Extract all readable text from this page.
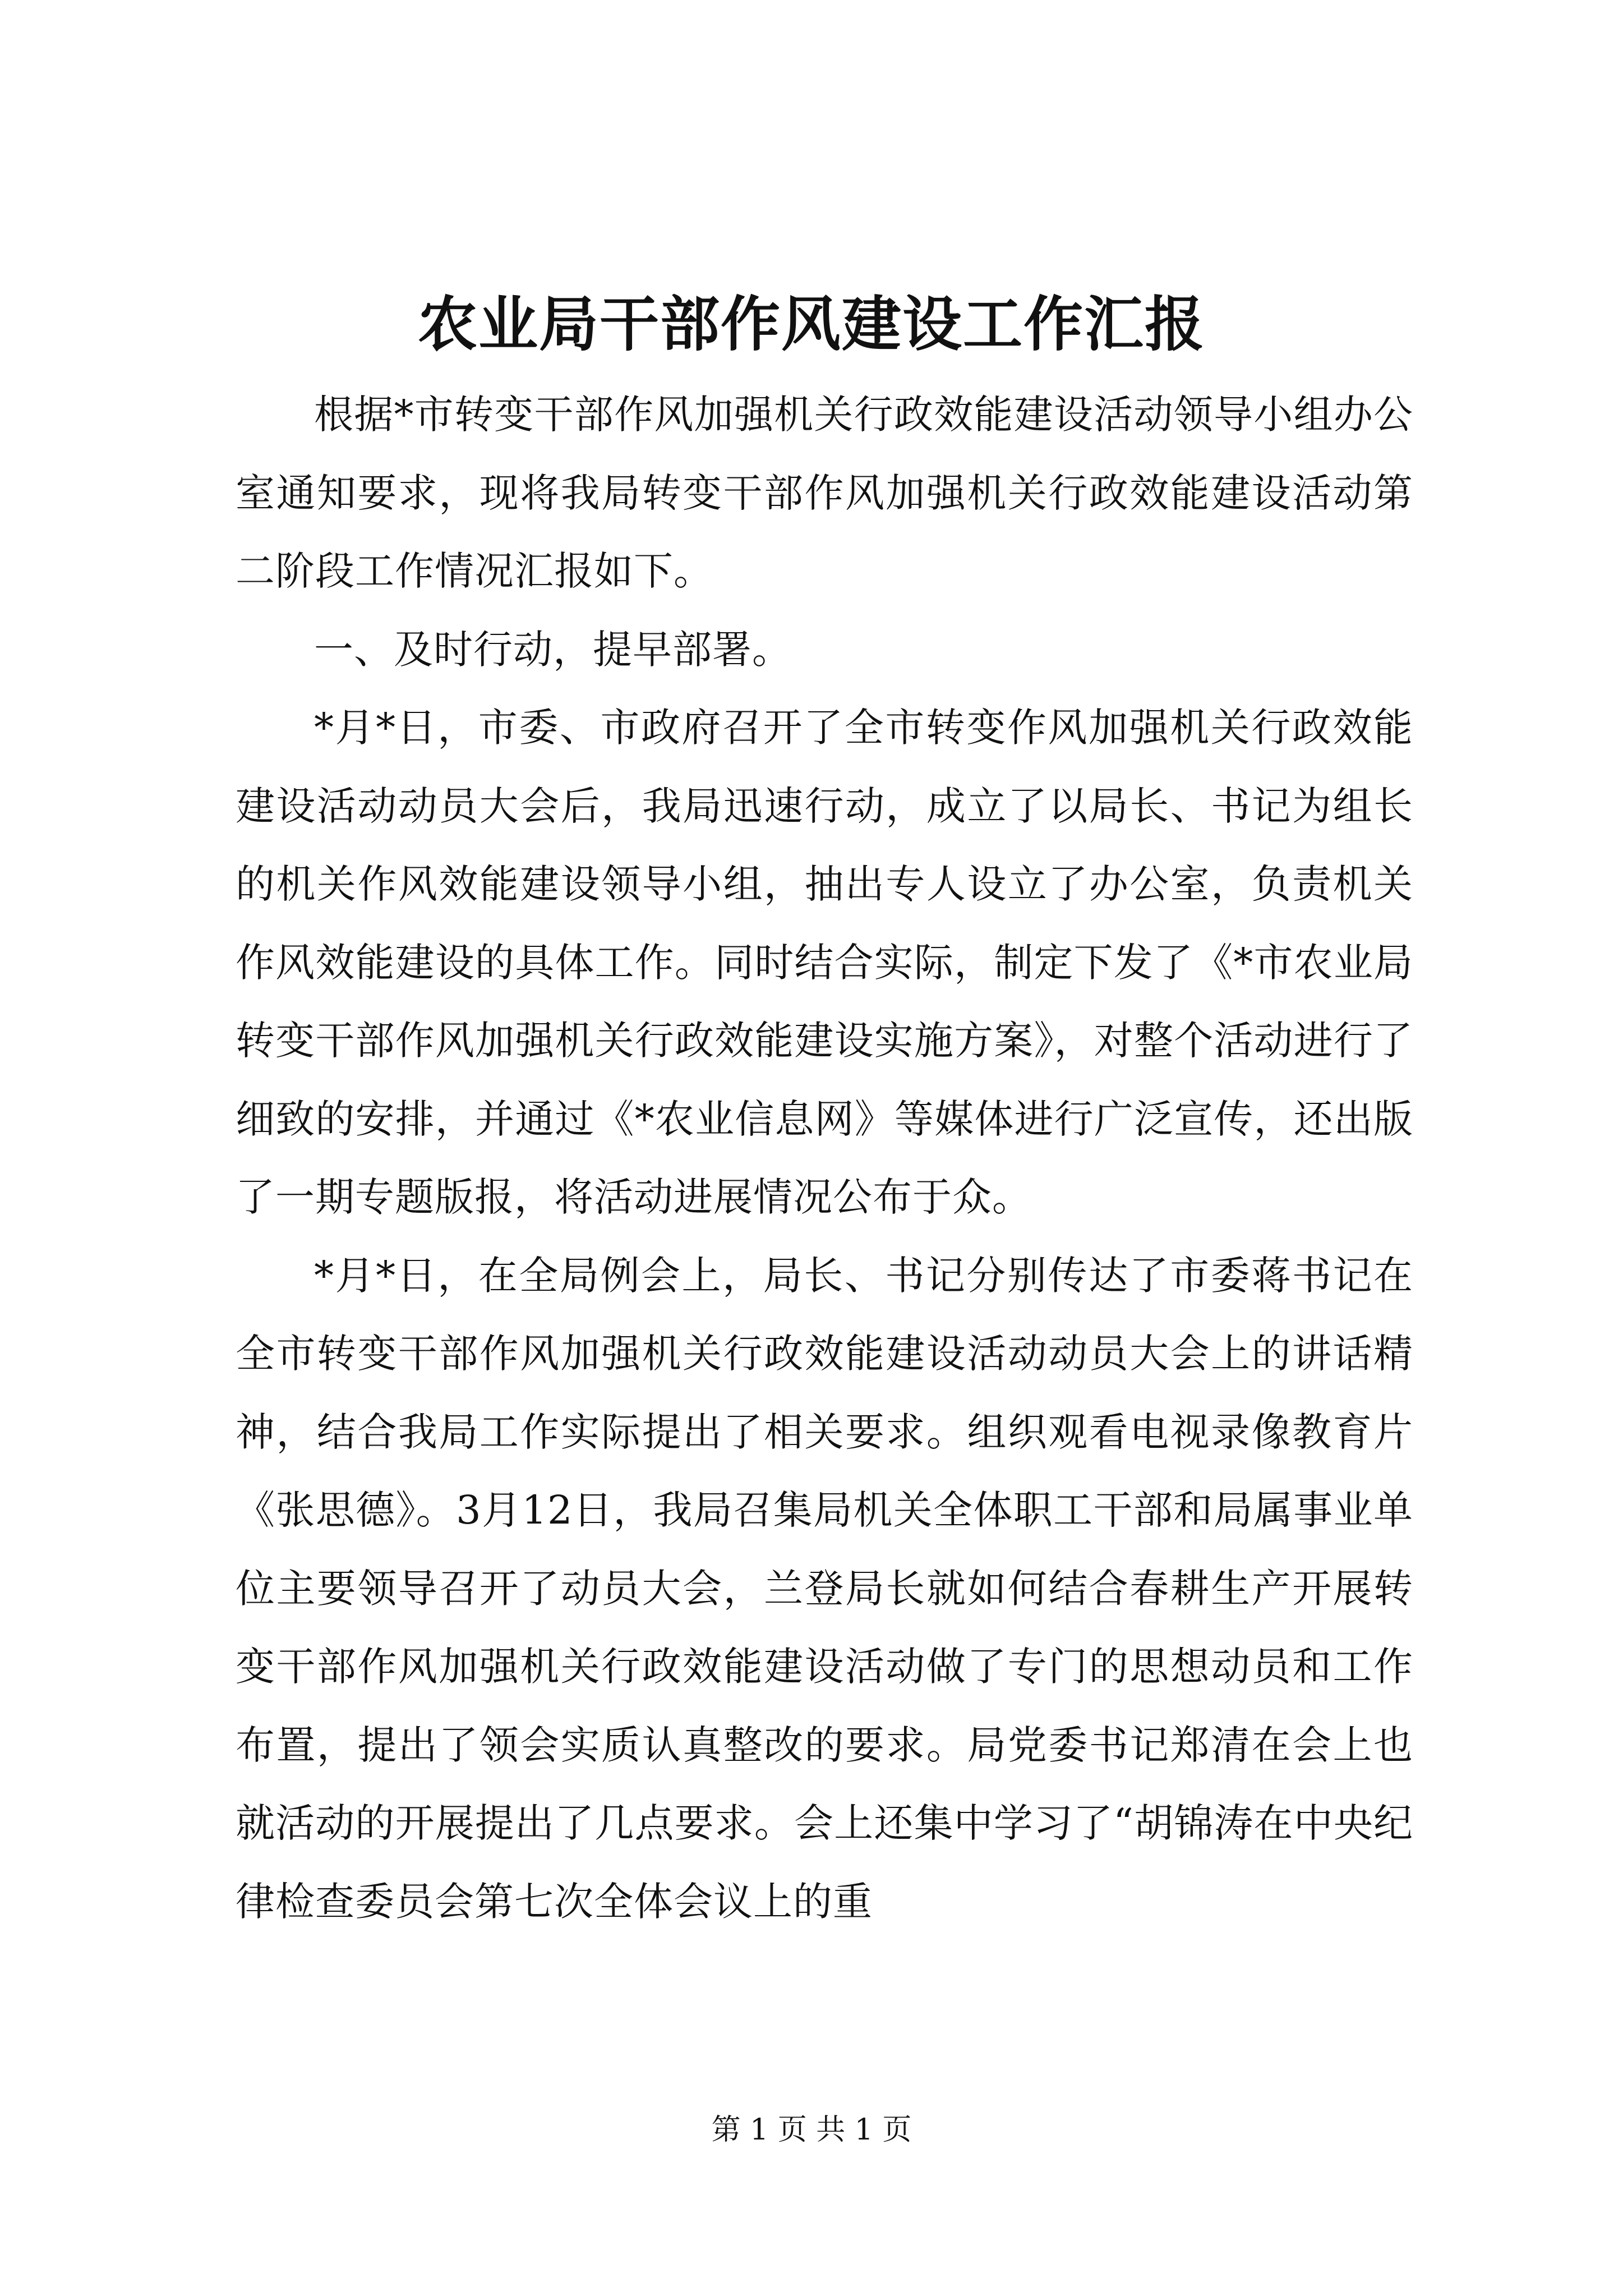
农业局干部作风建设工作汇报

根据*市转变干部作风加强机关行政效能建设活动领导小组办公室通知要求，现将我局转变干部作风加强机关行政效能建设活动第二阶段工作情况汇报如下。

一、及时行动，提早部署。

*月*日，市委、市政府召开了全市转变作风加强机关行政效能建设活动动员大会后，我局迅速行动，成立了以局长、书记为组长的机关作风效能建设领导小组，抽出专人设立了办公室，负责机关作风效能建设的具体工作。同时结合实际，制定下发了《*市农业局转变干部作风加强机关行政效能建设实施方案》，对整个活动进行了细致的安排，并通过《*农业信息网》等媒体进行广泛宣传，还出版了一期专题版报，将活动进展情况公布于众。

*月*日，在全局例会上，局长、书记分别传达了市委蒋书记在全市转变干部作风加强机关行政效能建设活动动员大会上的讲话精神，结合我局工作实际提出了相关要求。组织观看电视录像教育片《张思德》。3月12日，我局召集局机关全体职工干部和局属事业单位主要领导召开了动员大会，兰登局长就如何结合春耕生产开展转变干部作风加强机关行政效能建设活动做了专门的思想动员和工作布置，提出了领会实质认真整改的要求。局党委书记郑清在会上也就活动的开展提出了几点要求。会上还集中学习了“胡锦涛在中央纪律检查委员会第七次全体会议上的重

第 1 页 共 1 页
